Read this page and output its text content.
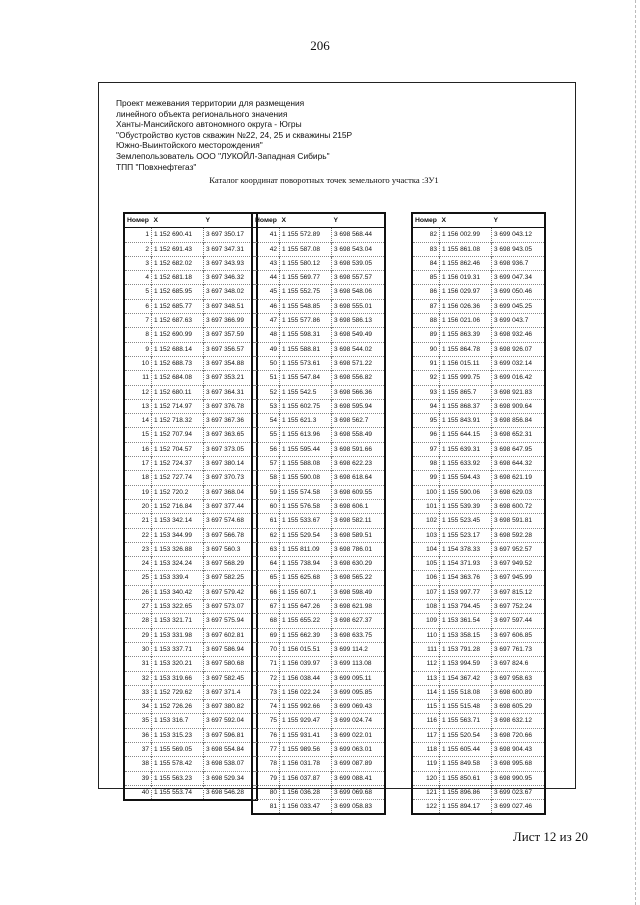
206
Проект межевания территории для размещения
линейного объекта регионального значения
Ханты-Мансийского автономного округа - Югры
"Обустройство кустов скважин №22, 24, 25 и скважины 215Р
Южно-Выинтойского месторождения"
Землепользователь ООО "ЛУКОЙЛ-Западная Сибирь"
ТПП "Повхнефтегаз"
Каталог координат поворотных точек земельного участка :ЗУ1
Номер	X	Y
1	1 152 690.41	3 697 350.17
2	1 152 691.43	3 697 347.31
3	1 152 682.02	3 697 343.93
4	1 152 681.18	3 697 346.32
5	1 152 685.95	3 697 348.02
6	1 152 685.77	3 697 348.51
7	1 152 687.63	3 697 366.99
8	1 152 690.99	3 697 357.59
9	1 152 688.14	3 697 356.57
10	1 152 688.73	3 697 354.88
11	1 152 684.08	3 697 353.21
12	1 152 680.11	3 697 364.31
13	1 152 714.97	3 697 376.78
14	1 152 718.32	3 697 367.36
15	1 152 707.94	3 697 363.65
16	1 152 704.57	3 697 373.05
17	1 152 724.37	3 697 380.14
18	1 152 727.74	3 697 370.73
19	1 152 720.2	3 697 368.04
20	1 152 716.84	3 697 377.44
21	1 153 342.14	3 697 574.68
22	1 153 344.99	3 697 566.78
23	1 153 326.88	3 697 560.3
24	1 153 324.24	3 697 568.29
25	1 153 339.4	3 697 582.25
26	1 153 340.42	3 697 579.42
27	1 153 322.65	3 697 573.07
28	1 153 321.71	3 697 575.94
29	1 153 331.98	3 697 602.81
30	1 153 337.71	3 697 586.94
31	1 153 320.21	3 697 580.68
32	1 153 319.66	3 697 582.45
33	1 152 729.62	3 697 371.4
34	1 152 726.26	3 697 380.82
35	1 153 316.7	3 697 592.04
36	1 153 315.23	3 697 596.81
37	1 155 569.05	3 698 554.84
38	1 155 578.42	3 698 538.07
39	1 155 563.23	3 698 529.34
40	1 155 553.74	3 698 546.28
Номер	X	Y
41	1 155 572.89	3 698 568.44
42	1 155 587.08	3 698 543.04
43	1 155 580.12	3 698 539.05
44	1 155 569.77	3 698 557.57
45	1 155 552.75	3 698 548.06
46	1 155 548.85	3 698 555.01
47	1 155 577.86	3 698 586.13
48	1 155 598.31	3 698 549.49
49	1 155 588.81	3 698 544.02
50	1 155 573.61	3 698 571.22
51	1 155 547.84	3 698 556.82
52	1 155 542.5	3 698 566.36
53	1 155 602.75	3 698 595.94
54	1 155 621.3	3 698 562.7
55	1 155 613.96	3 698 558.49
56	1 155 595.44	3 698 591.66
57	1 155 588.08	3 698 622.23
58	1 155 590.08	3 698 618.64
59	1 155 574.58	3 698 609.55
60	1 155 576.58	3 698 606.1
61	1 155 533.67	3 698 582.11
62	1 155 529.54	3 698 589.51
63	1 155 811.09	3 698 786.01
64	1 155 738.94	3 698 630.29
65	1 155 625.68	3 698 565.22
66	1 155 607.1	3 698 598.49
67	1 155 647.26	3 698 621.98
68	1 155 655.22	3 698 627.37
69	1 155 662.39	3 698 633.75
70	1 156 015.51	3 699 114.2
71	1 156 039.97	3 699 113.08
72	1 156 038.44	3 699 095.11
73	1 156 022.24	3 699 095.85
74	1 155 992.66	3 699 069.43
75	1 155 929.47	3 699 024.74
76	1 155 931.41	3 699 022.01
77	1 155 989.56	3 699 063.01
78	1 156 031.78	3 699 087.89
79	1 156 037.87	3 699 088.41
80	1 156 036.28	3 699 069.68
81	1 156 033.47	3 699 058.83
Номер	X	Y
82	1 156 002.99	3 699 043.12
83	1 155 861.08	3 698 943.05
84	1 155 862.46	3 698 936.7
85	1 156 019.31	3 699 047.34
86	1 156 029.97	3 699 050.46
87	1 156 026.36	3 699 045.25
88	1 156 021.06	3 699 043.7
89	1 155 863.39	3 698 932.46
90	1 155 864.78	3 698 926.07
91	1 156 015.11	3 699 032.14
92	1 155 999.75	3 699 016.42
93	1 155 865.7	3 698 921.83
94	1 155 868.37	3 698 909.64
95	1 155 843.91	3 698 856.84
96	1 155 644.15	3 698 652.31
97	1 155 639.31	3 698 647.95
98	1 155 633.92	3 698 644.32
99	1 155 594.43	3 698 621.19
100	1 155 590.06	3 698 629.03
101	1 155 539.39	3 698 600.72
102	1 155 523.45	3 698 591.81
103	1 155 523.17	3 698 592.28
104	1 154 378.33	3 697 952.57
105	1 154 371.93	3 697 949.52
106	1 154 363.76	3 697 945.99
107	1 153 997.77	3 697 815.12
108	1 153 794.45	3 697 752.24
109	1 153 361.54	3 697 597.44
110	1 153 358.15	3 697 606.85
111	1 153 791.28	3 697 761.73
112	1 153 994.59	3 697 824.6
113	1 154 367.42	3 697 958.63
114	1 155 518.08	3 698 600.89
115	1 155 515.48	3 698 605.29
116	1 155 563.71	3 698 632.12
117	1 155 520.54	3 698 720.66
118	1 155 605.44	3 698 904.43
119	1 155 849.58	3 698 995.68
120	1 155 850.61	3 698 990.95
121	1 155 896.86	3 699 023.67
122	1 155 894.17	3 699 027.46
Лист 12 из 20
